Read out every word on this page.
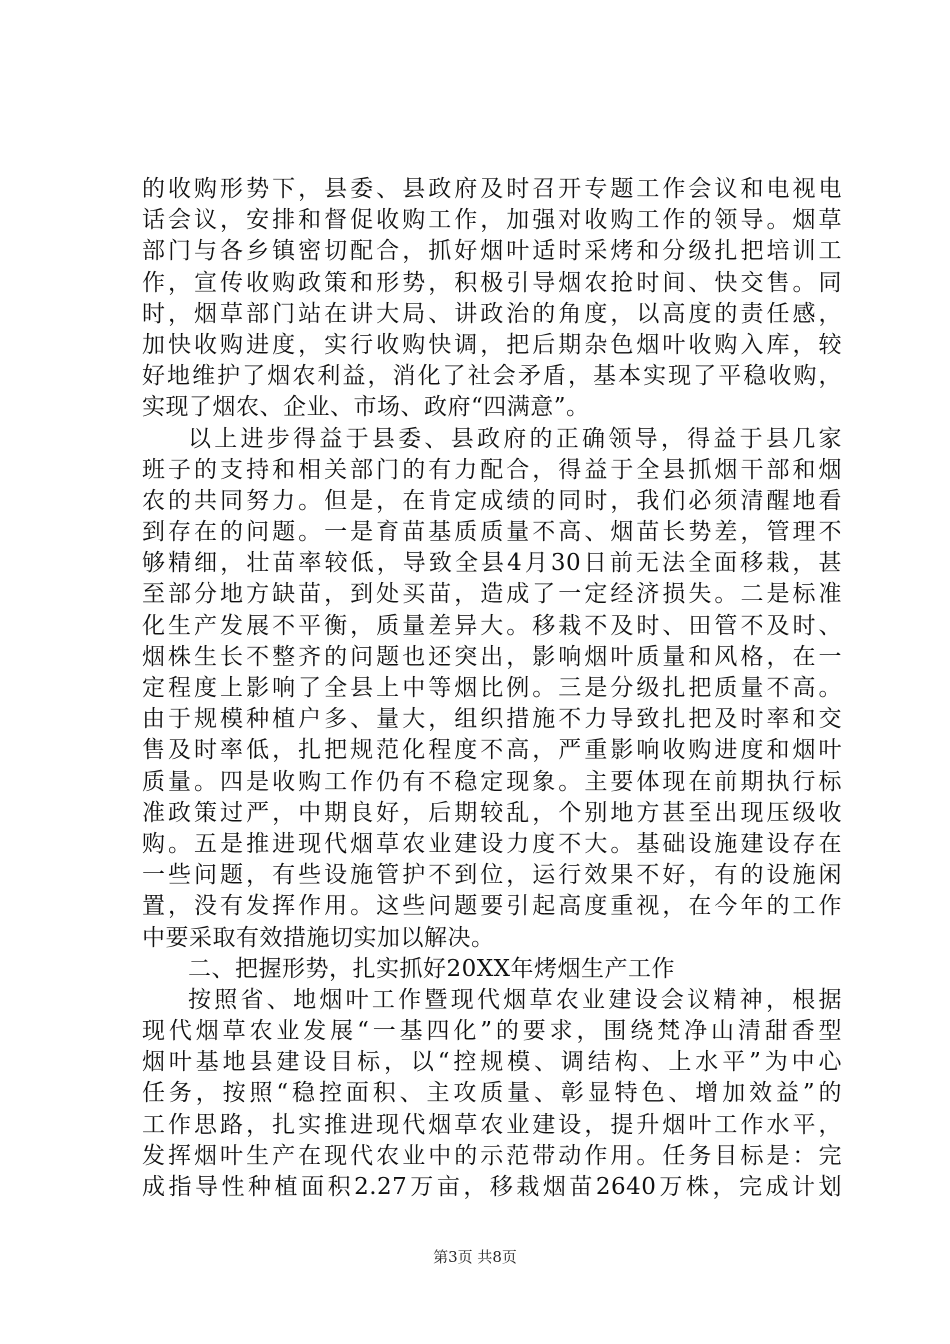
的收购形势下，县委、县政府及时召开专题工作会议和电视电
话会议，安排和督促收购工作，加强对收购工作的领导。烟草
部门与各乡镇密切配合，抓好烟叶适时采烤和分级扎把培训工
作，宣传收购政策和形势，积极引导烟农抢时间、快交售。同
时，烟草部门站在讲大局、讲政治的角度，以高度的责任感，
加快收购进度，实行收购快调，把后期杂色烟叶收购入库，较
好地维护了烟农利益，消化了社会矛盾，基本实现了平稳收购，
实现了烟农、企业、市场、政府“四满意”。
以上进步得益于县委、县政府的正确领导，得益于县几家
班子的支持和相关部门的有力配合，得益于全县抓烟干部和烟
农的共同努力。但是，在肯定成绩的同时，我们必须清醒地看
到存在的问题。一是育苗基质质量不高、烟苗长势差，管理不
够精细，壮苗率较低，导致全县4月30日前无法全面移栽，甚
至部分地方缺苗，到处买苗，造成了一定经济损失。二是标准
化生产发展不平衡，质量差异大。移栽不及时、田管不及时、
烟株生长不整齐的问题也还突出，影响烟叶质量和风格，在一
定程度上影响了全县上中等烟比例。三是分级扎把质量不高。
由于规模种植户多、量大，组织措施不力导致扎把及时率和交
售及时率低，扎把规范化程度不高，严重影响收购进度和烟叶
质量。四是收购工作仍有不稳定现象。主要体现在前期执行标
准政策过严，中期良好，后期较乱，个别地方甚至出现压级收
购。五是推进现代烟草农业建设力度不大。基础设施建设存在
一些问题，有些设施管护不到位，运行效果不好，有的设施闲
置，没有发挥作用。这些问题要引起高度重视，在今年的工作
中要采取有效措施切实加以解决。
二、把握形势，扎实抓好20XX年烤烟生产工作
按照省、地烟叶工作暨现代烟草农业建设会议精神，根据
现代烟草农业发展“一基四化”的要求，围绕梵净山清甜香型
烟叶基地县建设目标，以“控规模、调结构、上水平”为中心
任务，按照“稳控面积、主攻质量、彰显特色、增加效益”的
工作思路，扎实推进现代烟草农业建设，提升烟叶工作水平，
发挥烟叶生产在现代农业中的示范带动作用。任务目标是：完
成指导性种植面积2.27万亩，移栽烟苗2640万株，完成计划
第3页 共8页
